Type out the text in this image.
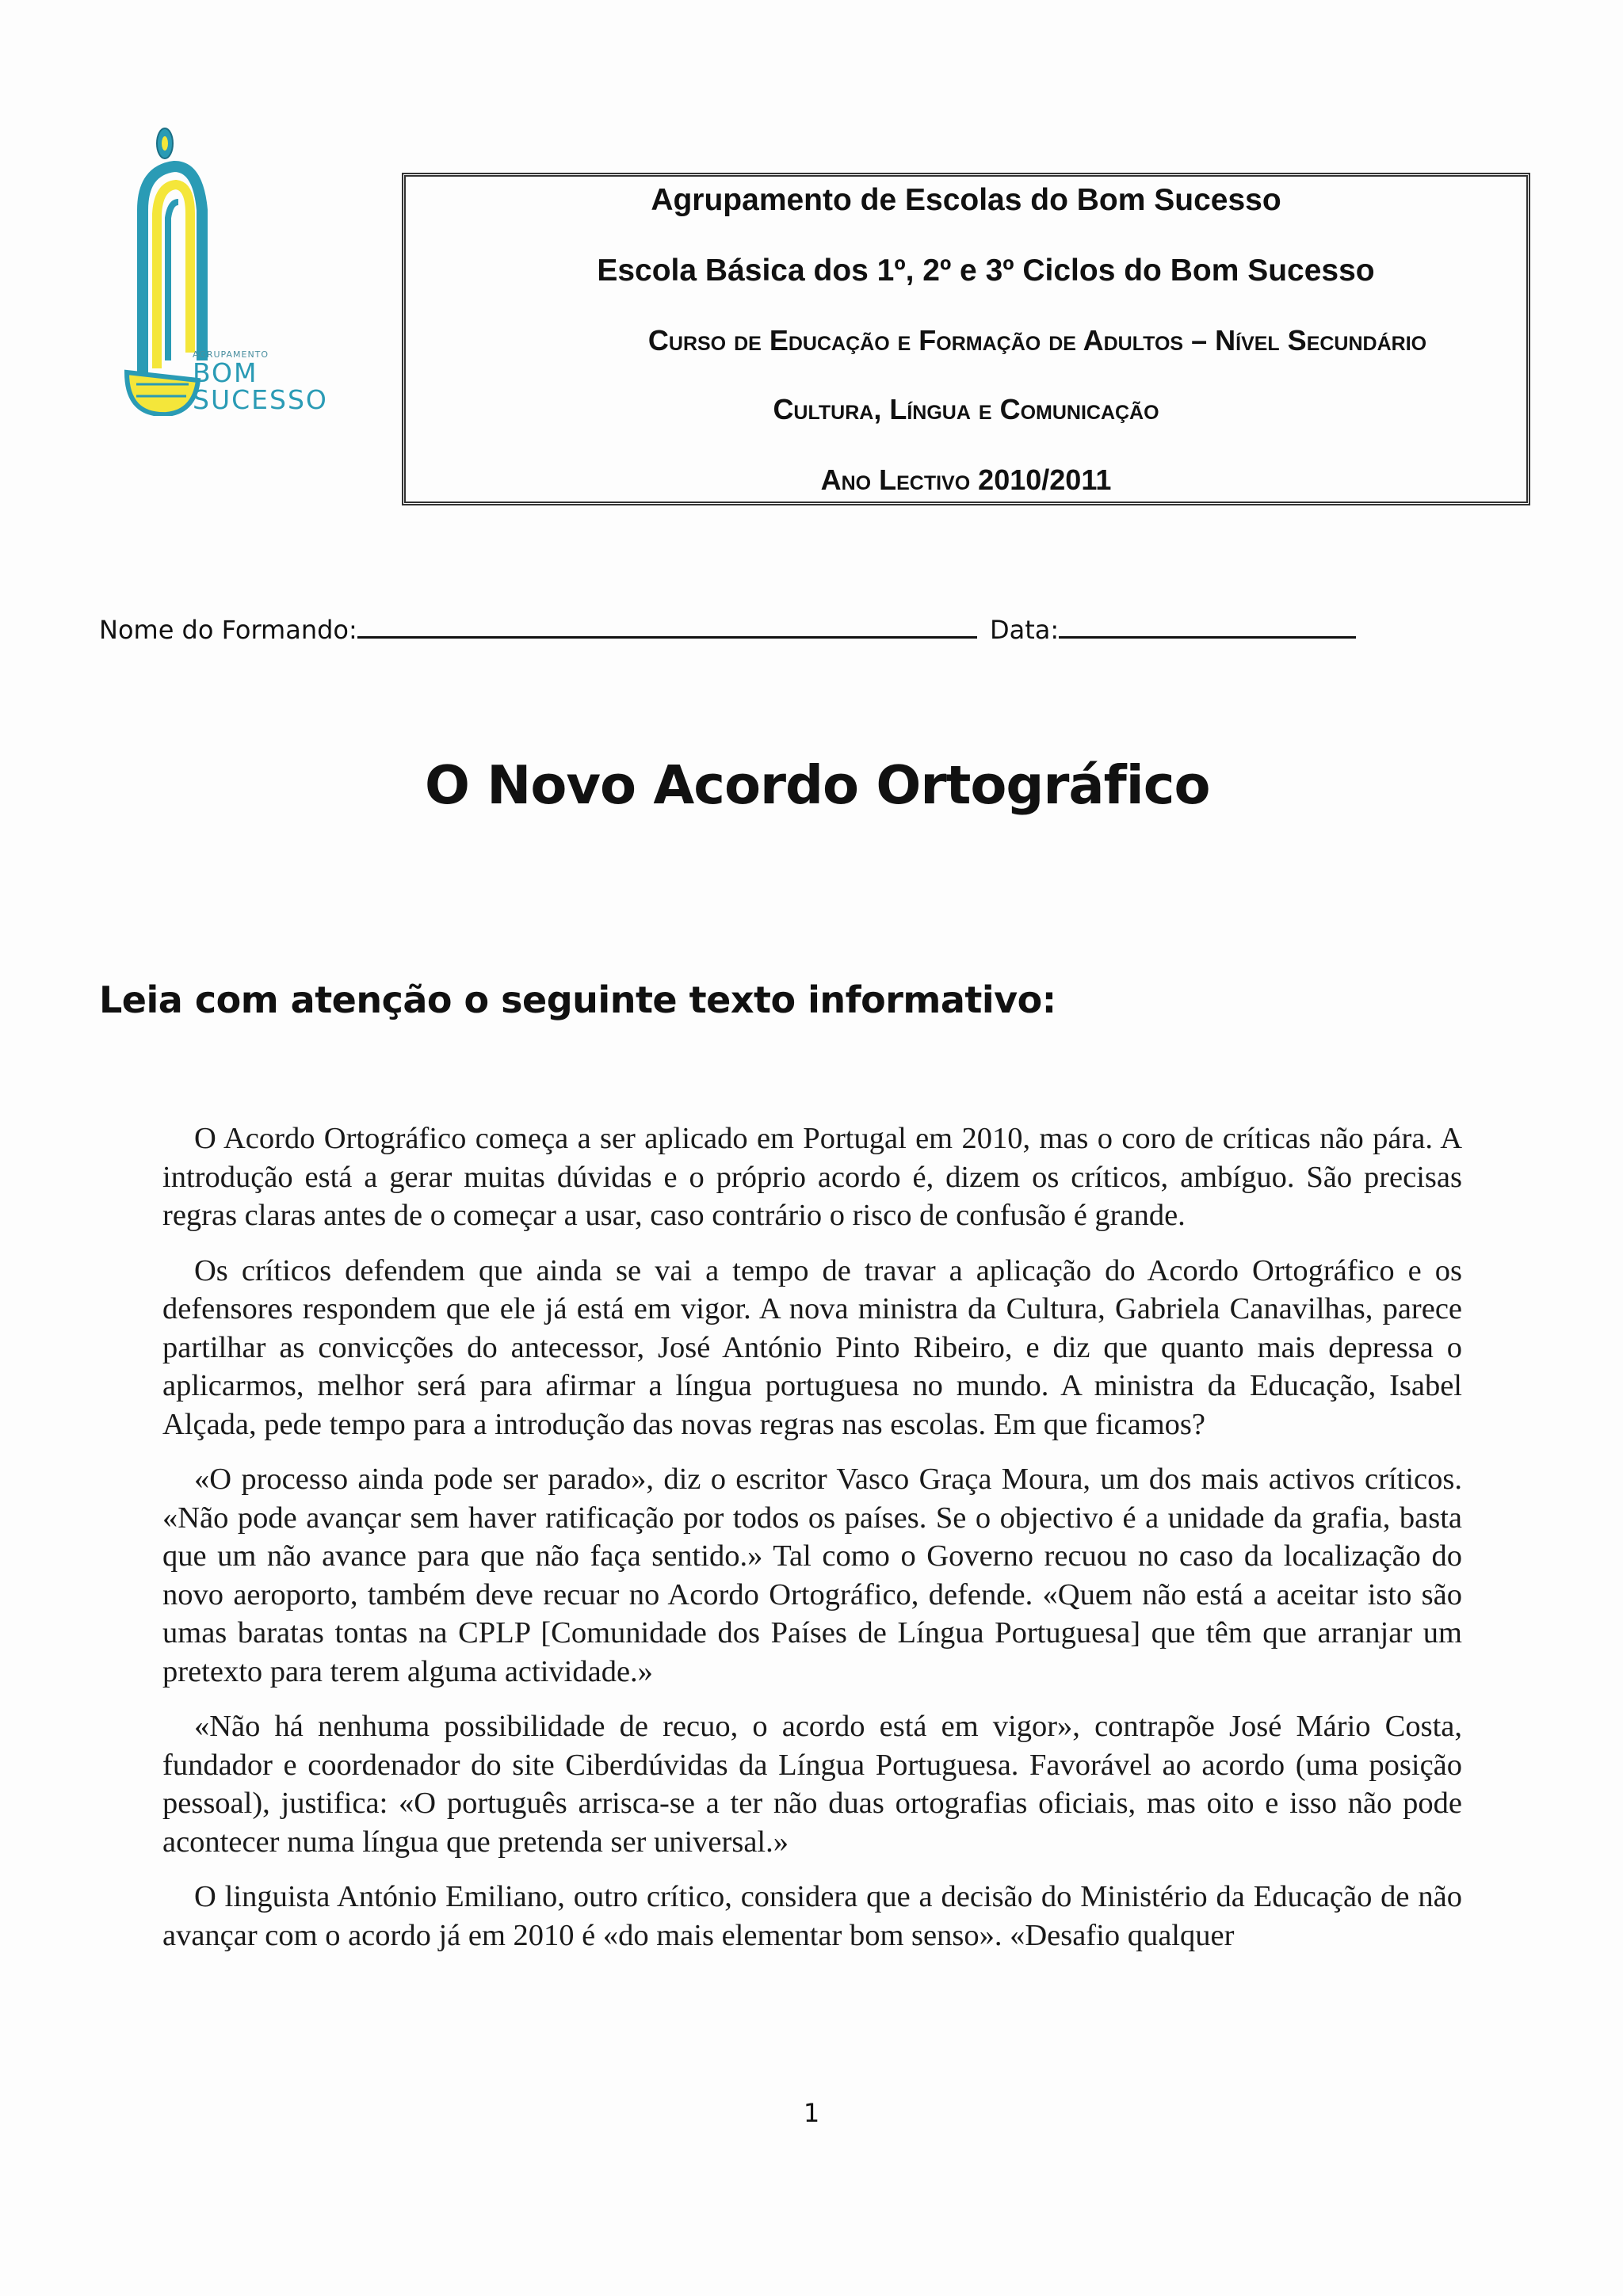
AGRUPAMENTO
BOM
SUCESSO
Agrupamento de Escolas do Bom Sucesso
Escola Básica dos 1º, 2º e 3º Ciclos do Bom Sucesso
Curso de Educação e Formação de Adultos – Nível Secundário
Cultura, Língua e Comunicação
Ano Lectivo 2010/2011
Nome do Formando:	Data:
O Novo Acordo Ortográfico
Leia com atenção o seguinte texto informativo:

O Acordo Ortográfico começa a ser aplicado em Portugal em 2010, mas o coro de críticas não pára. A introdução está a gerar muitas dúvidas e o próprio acordo é, dizem os críticos, ambíguo. São precisas regras claras antes de o começar a usar, caso contrário o risco de confusão é grande.

Os críticos defendem que ainda se vai a tempo de travar a aplicação do Acordo Ortográfico e os defensores respondem que ele já está em vigor. A nova ministra da Cultura, Gabriela Canavilhas, parece partilhar as convicções do antecessor, José António Pinto Ribeiro, e diz que quanto mais depressa o aplicarmos, melhor será para afirmar a língua portuguesa no mundo. A ministra da Educação, Isabel Alçada, pede tempo para a introdução das novas regras nas escolas. Em que ficamos?

«O processo ainda pode ser parado», diz o escritor Vasco Graça Moura, um dos mais activos críticos. «Não pode avançar sem haver ratificação por todos os países. Se o objectivo é a unidade da grafia, basta que um não avance para que não faça sentido.» Tal como o Governo recuou no caso da localização do novo aeroporto, também deve recuar no Acordo Ortográfico, defende. «Quem não está a aceitar isto são umas baratas tontas na CPLP [Comunidade dos Países de Língua Portuguesa] que têm que arranjar um pretexto para terem alguma actividade.»

«Não há nenhuma possibilidade de recuo, o acordo está em vigor», contrapõe José Mário Costa, fundador e coordenador do site Ciberdúvidas da Língua Portuguesa. Favorável ao acordo (uma posição pessoal), justifica: «O português arrisca-se a ter não duas ortografias oficiais, mas oito e isso não pode acontecer numa língua que pretenda ser universal.»

O linguista António Emiliano, outro crítico, considera que a decisão do Ministério da Educação de não avançar com o acordo já em 2010 é «do mais elementar bom senso». «Desafio qualquer

1
